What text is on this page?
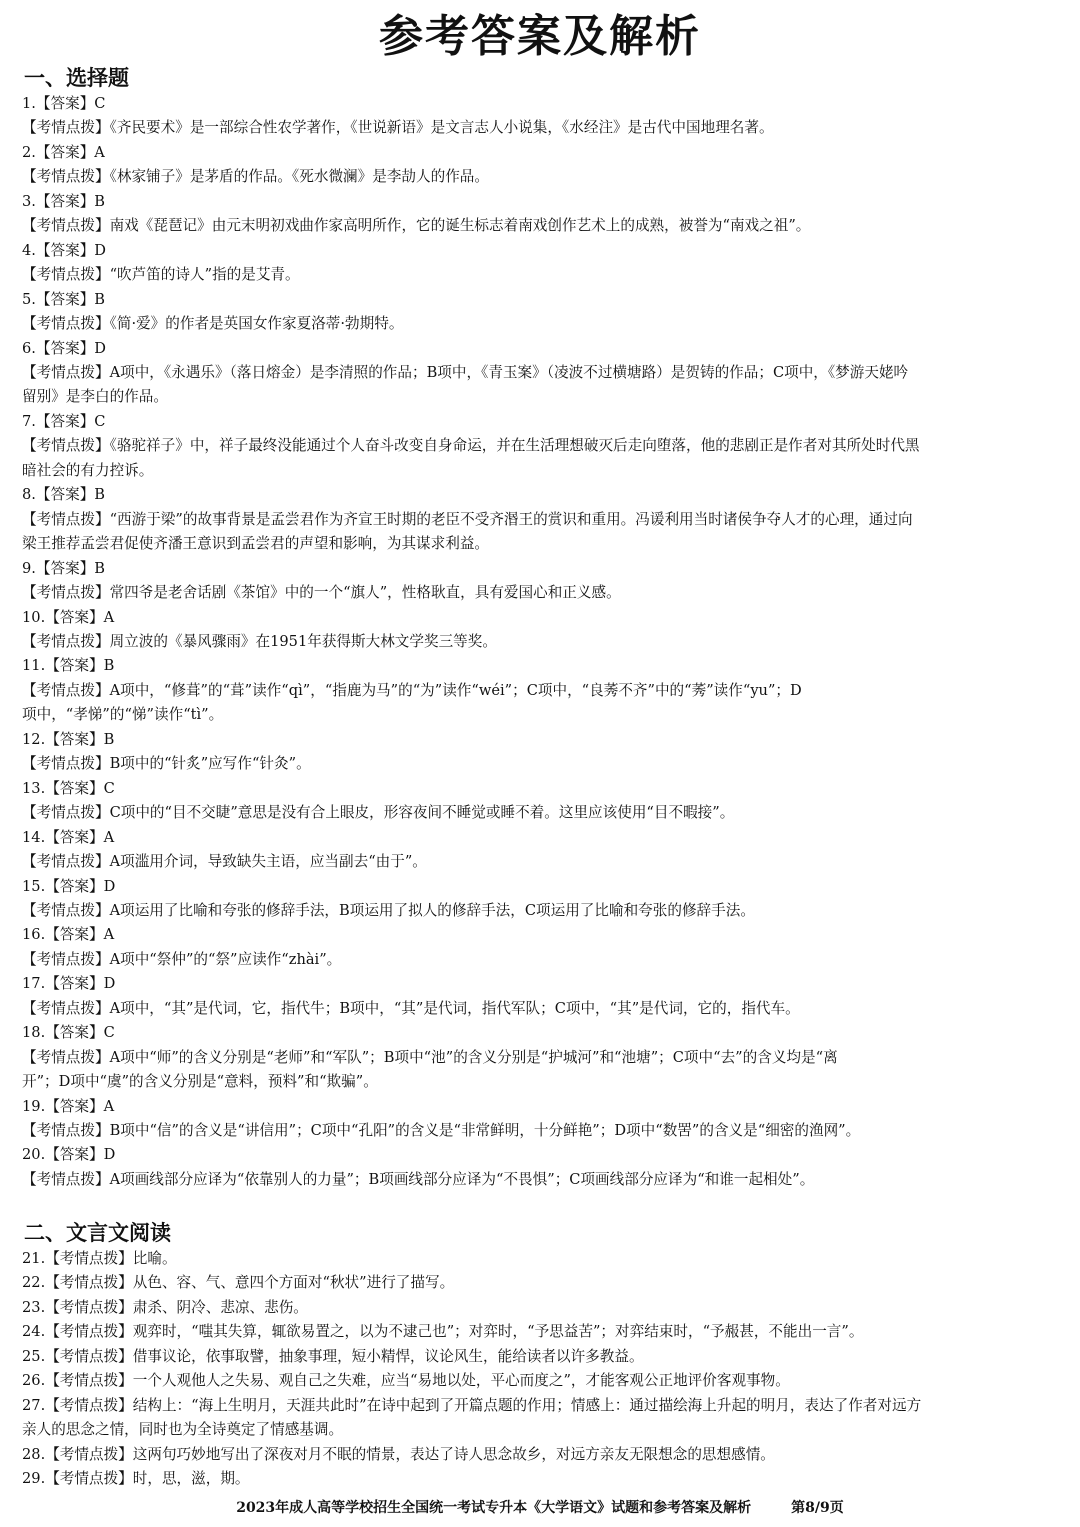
参考答案及解析
一、选择题
1.【答案】C
【考情点拨】《齐民要术》是一部综合性农学著作，《世说新语》是文言志人小说集，《水经注》是古代中国地理名著。
2.【答案】A
【考情点拨】《林家铺子》是茅盾的作品。《死水微澜》是李劼人的作品。
3.【答案】B
【考情点拨】南戏《琵琶记》由元末明初戏曲作家高明所作，它的诞生标志着南戏创作艺术上的成熟，被誉为“南戏之祖”。
4.【答案】D
【考情点拨】“吹芦笛的诗人”指的是艾青。
5.【答案】B
【考情点拨】《简·爱》的作者是英国女作家夏洛蒂·勃期特。
6.【答案】D
【考情点拨】A项中，《永遇乐》（落日熔金）是李清照的作品；B项中，《青玉案》（凌波不过横塘路）是贺铸的作品；C项中，《梦游天姥吟
留别》是李白的作品。
7.【答案】C
【考情点拨】《骆驼祥子》中，祥子最终没能通过个人奋斗改变自身命运，并在生活理想破灭后走向堕落，他的悲剧正是作者对其所处时代黑
暗社会的有力控诉。
8.【答案】B
【考情点拨】“西游于梁”的故事背景是孟尝君作为齐宣王时期的老臣不受齐湣王的赏识和重用。冯谖利用当时诸侯争夺人才的心理，通过向
梁王推荐孟尝君促使齐潘王意识到孟尝君的声望和影响，为其谋求利益。
9.【答案】B
【考情点拨】常四爷是老舍话剧《茶馆》中的一个“旗人”，性格耿直，具有爱国心和正义感。
10.【答案】A
【考情点拨】周立波的《暴风骤雨》在1951年获得斯大林文学奖三等奖。
11.【答案】B
【考情点拨】A项中，“修葺”的“葺”读作“qì”，“指鹿为马”的“为”读作“wéi”；C项中，“良莠不齐”中的“莠”读作“yu”；D
项中，“孝悌”的“悌”读作“tì”。
12.【答案】B
【考情点拨】B项中的“针炙”应写作“针灸”。
13.【答案】C
【考情点拨】C项中的“目不交睫”意思是没有合上眼皮，形容夜间不睡觉或睡不着。这里应该使用“目不暇接”。
14.【答案】A
【考情点拨】A项滥用介词，导致缺失主语，应当副去“由于”。
15.【答案】D
【考情点拨】A项运用了比喻和夸张的修辞手法，B项运用了拟人的修辞手法，C项运用了比喻和夸张的修辞手法。
16.【答案】A
【考情点拨】A项中“祭仲”的“祭”应读作“zhài”。
17.【答案】D
【考情点拨】A项中，“其”是代词，它，指代牛；B项中，“其”是代词，指代军队；C项中，“其”是代词，它的，指代车。
18.【答案】C
【考情点拨】A项中“师”的含义分别是“老师”和“军队”；B项中“池”的含义分别是“护城河”和“池塘”；C项中“去”的含义均是“离
开”；D项中“虞”的含义分别是“意料，预料”和“欺骗”。
19.【答案】A
【考情点拨】B项中“信”的含义是“讲信用”；C项中“孔阳”的含义是“非常鲜明，十分鲜艳”；D项中“数罟”的含义是“细密的渔网”。
20.【答案】D
【考情点拨】A项画线部分应译为“依靠别人的力量”；B项画线部分应译为“不畏惧”；C项画线部分应译为“和谁一起相处”。
二、文言文阅读
21.【考情点拨】比喻。
22.【考情点拨】从色、容、气、意四个方面对“秋状”进行了描写。
23.【考情点拨】肃杀、阴冷、悲凉、悲伤。
24.【考情点拨】观弈时，“嗤其失算，辄欲易置之，以为不逮己也”；对弈时，“予思益苦”；对弈结束时，“予赧甚，不能出一言”。
25.【考情点拨】借事议论，依事取譬，抽象事理，短小精悍，议论风生，能给读者以许多教益。
26.【考情点拨】一个人观他人之失易、观自己之失难，应当“易地以处，平心而度之”，才能客观公正地评价客观事物。
27.【考情点拨】结构上：“海上生明月，天涯共此时”在诗中起到了开篇点题的作用；情感上：通过描绘海上升起的明月，表达了作者对远方
亲人的思念之情，同时也为全诗奠定了情感基调。
28.【考情点拨】这两句巧妙地写出了深夜对月不眠的情景，表达了诗人思念故乡，对远方亲友无限想念的思想感情。
29.【考情点拨】时，思，滋，期。
2023年成人高等学校招生全国统一考试专升本《大学语文》试题和参考答案及解析	第8/9页
